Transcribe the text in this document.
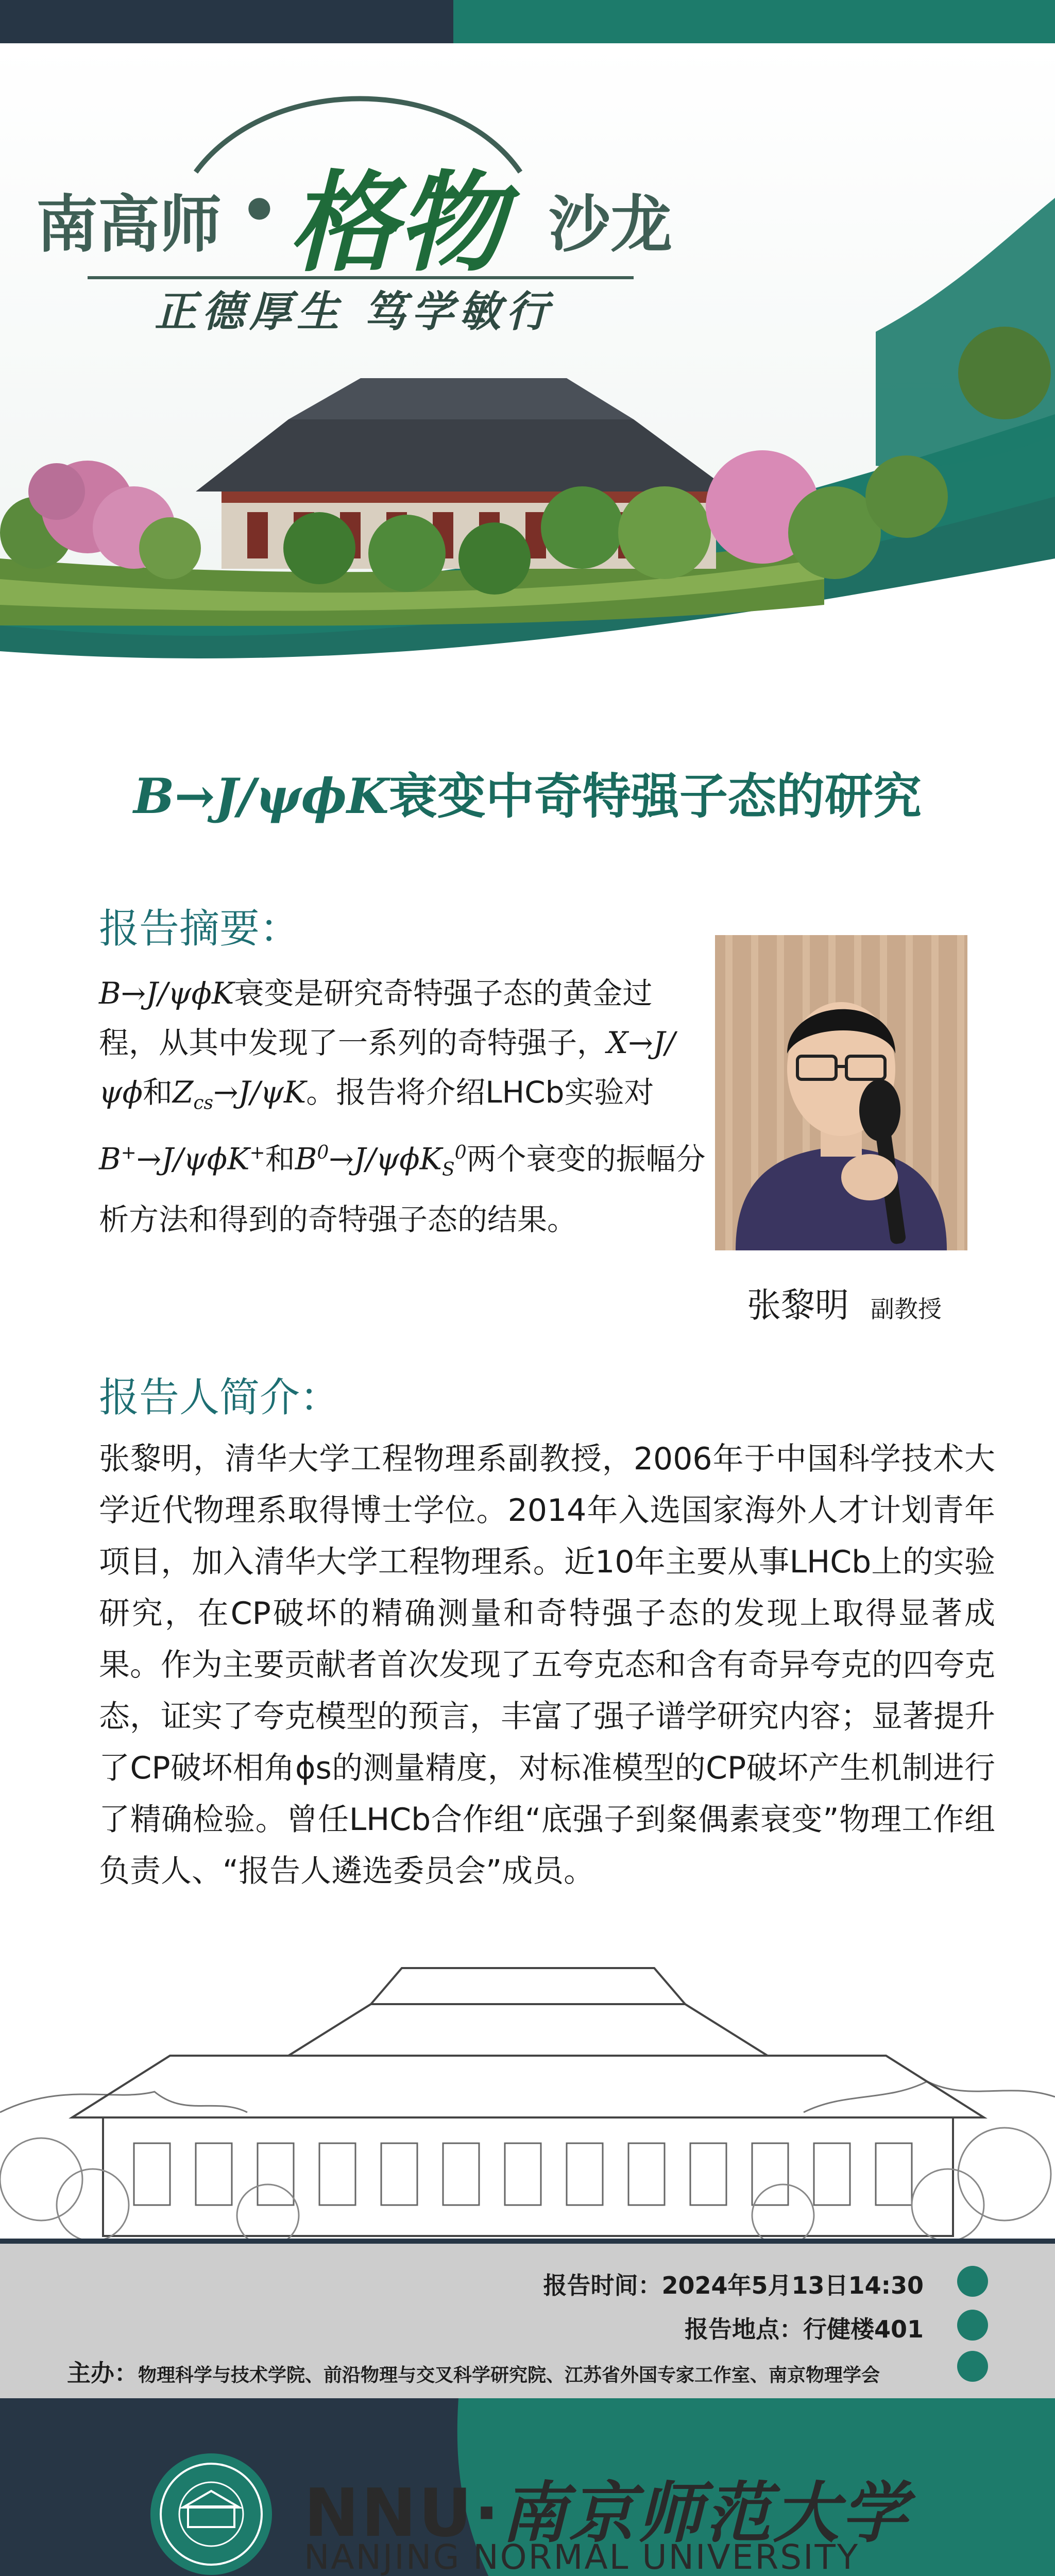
南高师 • 格物 沙龙
正德厚生 笃学敏行
B→J/ψϕK衰变中奇特强子态的研究
报告摘要：
B→J/ψϕK衰变是研究奇特强子态的黄金过程，从其中发现了一系列的奇特强子，X→J/ψϕ和$Z_{cs}\to J/\psi K$。报告将介绍LHCb实验对B+→J/ψϕK+和$B^0\to J/\psi\phi K_S^0$两个衰变的振幅分析方法和得到的奇特强子态的结果。
张黎明 副教授
报告人简介：
张黎明，清华大学工程物理系副教授，2006年于中国科学技术大学近代物理系取得博士学位。2014年入选国家海外人才计划青年项目，加入清华大学工程物理系。近10年主要从事LHCb上的实验研究，在CP破坏的精确测量和奇特强子态的发现上取得显著成果。作为主要贡献者首次发现了五夸克态和含有奇异夸克的四夸克态，证实了夸克模型的预言，丰富了强子谱学研究内容；显著提升了CP破坏相角ϕs的测量精度，对标准模型的CP破坏产生机制进行了精确检验。曾任LHCb合作组“底强子到粲偶素衰变”物理工作组负责人、“报告人遴选委员会”成员。
报告时间：2024年5月13日14:30
报告地点：行健楼401
主办：物理科学与技术学院、前沿物理与交叉科学研究院、江苏省外国专家工作室、南京物理学会
NNU·南京师范大学
NANJING NORMAL UNIVERSITY
